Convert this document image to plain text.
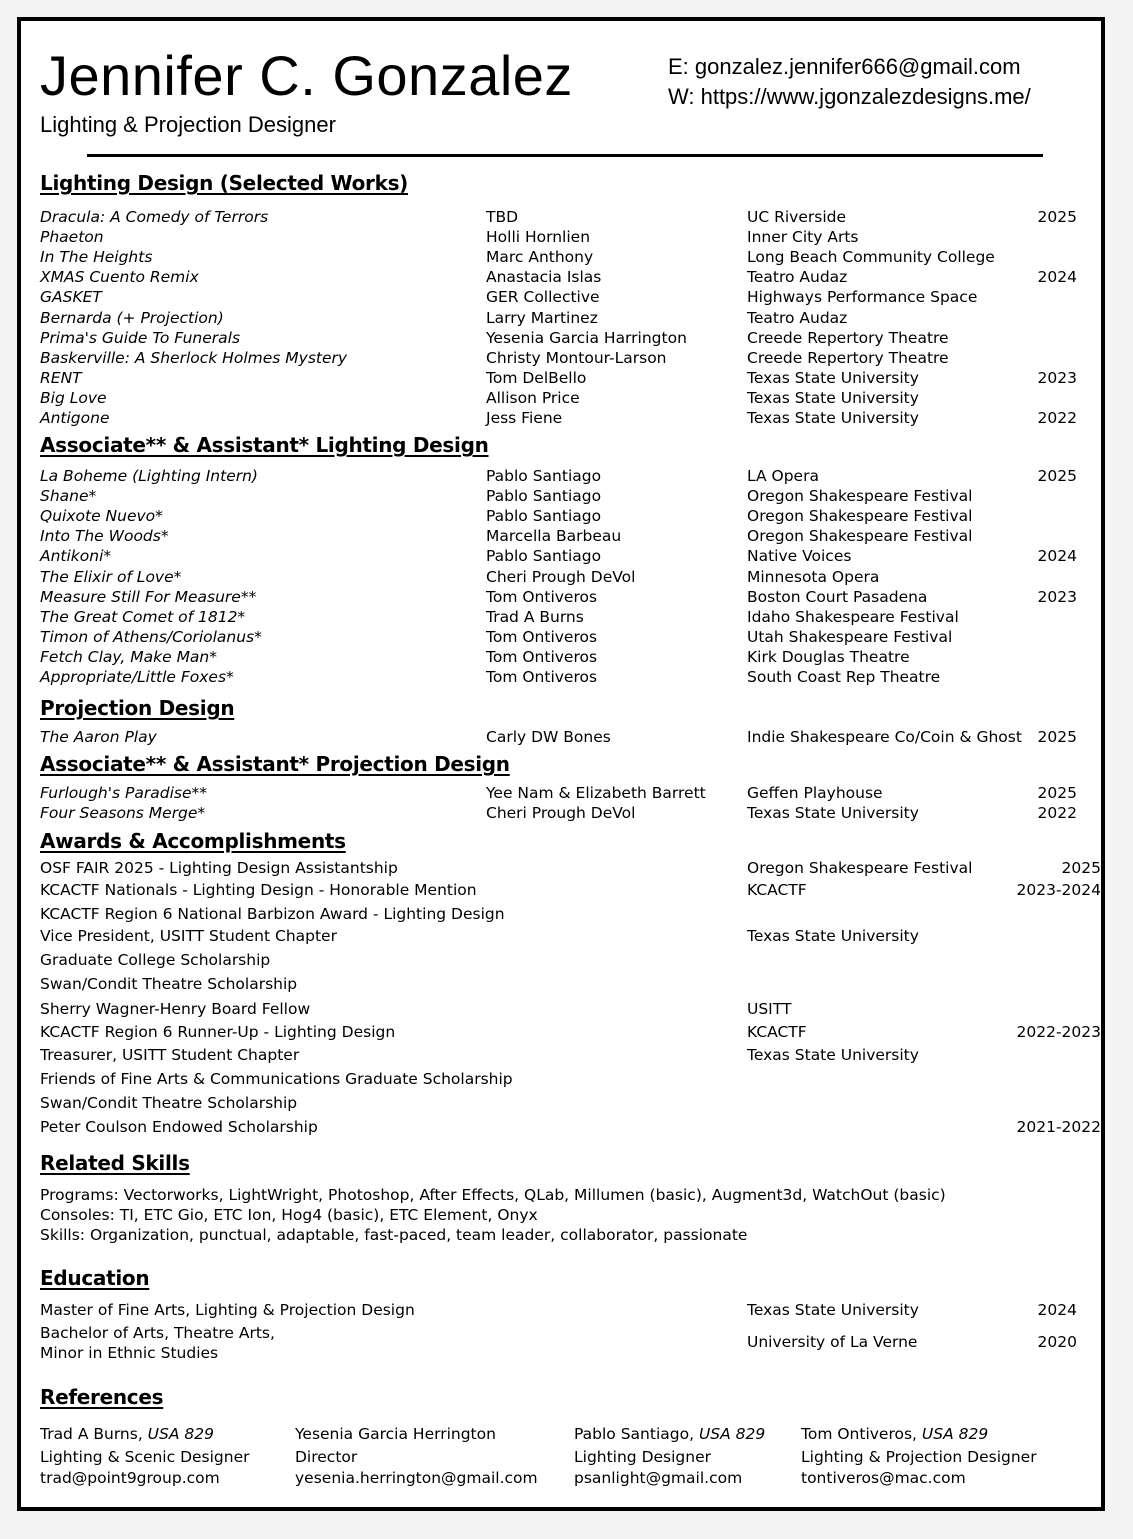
Jennifer C. Gonzalez
Lighting & Projection Designer
E: gonzalez.jennifer666@gmail.com
W: https://www.jgonzalezdesigns.me/
Lighting Design (Selected Works)
Dracula: A Comedy of Terrors	TBD	UC Riverside	2025
Phaeton	Holli Hornlien	Inner City Arts
In The Heights	Marc Anthony	Long Beach Community College
XMAS Cuento Remix	Anastacia Islas	Teatro Audaz	2024
GASKET	GER Collective	Highways Performance Space
Bernarda (+ Projection)	Larry Martinez	Teatro Audaz
Prima's Guide To Funerals	Yesenia Garcia Harrington	Creede Repertory Theatre
Baskerville: A Sherlock Holmes Mystery	Christy Montour-Larson	Creede Repertory Theatre
RENT	Tom DelBello	Texas State University	2023
Big Love	Allison Price	Texas State University
Antigone	Jess Fiene	Texas State University	2022
Associate** & Assistant* Lighting Design
La Boheme (Lighting Intern)	Pablo Santiago	LA Opera	2025
Shane*	Pablo Santiago	Oregon Shakespeare Festival
Quixote Nuevo*	Pablo Santiago	Oregon Shakespeare Festival
Into The Woods*	Marcella Barbeau	Oregon Shakespeare Festival
Antikoni*	Pablo Santiago	Native Voices	2024
The Elixir of Love*	Cheri Prough DeVol	Minnesota Opera
Measure Still For Measure**	Tom Ontiveros	Boston Court Pasadena	2023
The Great Comet of 1812*	Trad A Burns	Idaho Shakespeare Festival
Timon of Athens/Coriolanus*	Tom Ontiveros	Utah Shakespeare Festival
Fetch Clay, Make Man*	Tom Ontiveros	Kirk Douglas Theatre
Appropriate/Little Foxes*	Tom Ontiveros	South Coast Rep Theatre
Projection Design
The Aaron Play	Carly DW Bones	Indie Shakespeare Co/Coin & Ghost 2025
Associate** & Assistant* Projection Design
Furlough's Paradise**	Yee Nam & Elizabeth Barrett	Geffen Playhouse	2025
Four Seasons Merge*	Cheri Prough DeVol	Texas State University	2022
Awards & Accomplishments
OSF FAIR 2025 - Lighting Design Assistantship	Oregon Shakespeare Festival	2025
KCACTF Nationals - Lighting Design - Honorable Mention	KCACTF	2023-2024
KCACTF Region 6 National Barbizon Award - Lighting Design
Vice President, USITT Student Chapter	Texas State University
Graduate College Scholarship
Swan/Condit Theatre Scholarship
Sherry Wagner-Henry Board Fellow	USITT
KCACTF Region 6 Runner-Up - Lighting Design	KCACTF	2022-2023
Treasurer, USITT Student Chapter	Texas State University
Friends of Fine Arts & Communications Graduate Scholarship
Swan/Condit Theatre Scholarship
Peter Coulson Endowed Scholarship	2021-2022
Related Skills
Programs: Vectorworks, LightWright, Photoshop, After Effects, QLab, Millumen (basic), Augment3d, WatchOut (basic)
Consoles: TI, ETC Gio, ETC Ion, Hog4 (basic), ETC Element, Onyx
Skills: Organization, punctual, adaptable, fast-paced, team leader, collaborator, passionate
Education
Master of Fine Arts, Lighting & Projection Design	Texas State University	2024
Bachelor of Arts, Theatre Arts,
Minor in Ethnic Studies
University of La Verne	2020
References
Trad A Burns, USA 829
Lighting & Scenic Designer
trad@point9group.com
Yesenia Garcia Herrington
Director
yesenia.herrington@gmail.com
Pablo Santiago, USA 829
Lighting Designer
psanlight@gmail.com
Tom Ontiveros, USA 829
Lighting & Projection Designer
tontiveros@mac.com
